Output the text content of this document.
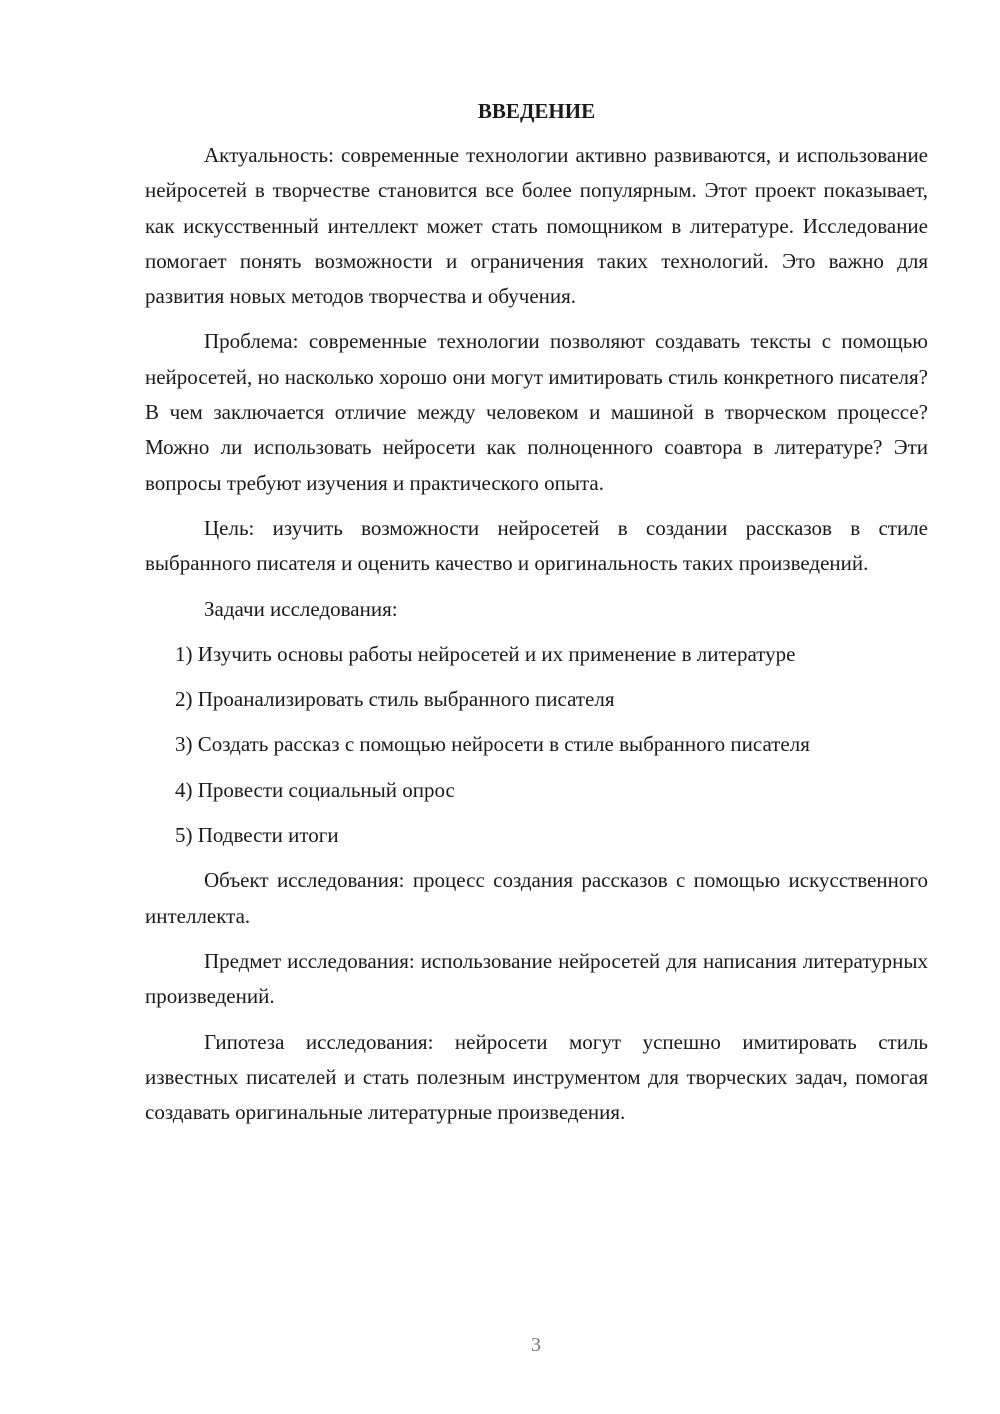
ВВЕДЕНИЕ

Актуальность: современные технологии активно развиваются, и использование нейросетей в творчестве становится все более популярным. Этот проект показывает, как искусственный интеллект может стать помощником в литературе. Исследование помогает понять возможности и ограничения таких технологий. Это важно для развития новых методов творчества и обучения.

Проблема: современные технологии позволяют создавать тексты с помощью нейросетей, но насколько хорошо они могут имитировать стиль конкретного писателя? В чем заключается отличие между человеком и машиной в творческом процессе? Можно ли использовать нейросети как полноценного соавтора в литературе? Эти вопросы требуют изучения и практического опыта.

Цель: изучить возможности нейросетей в создании рассказов в стиле выбранного писателя и оценить качество и оригинальность таких произведений.

Задачи исследования:
1) Изучить основы работы нейросетей и их применение в литературе
2) Проанализировать стиль выбранного писателя
3) Создать рассказ с помощью нейросети в стиле выбранного писателя
4) Провести социальный опрос
5) Подвести итоги

Объект исследования: процесс создания рассказов с помощью искусственного интеллекта.

Предмет исследования: использование нейросетей для написания литературных произведений.

Гипотеза исследования: нейросети могут успешно имитировать стиль известных писателей и стать полезным инструментом для творческих задач, помогая создавать оригинальные литературные произведения.

3
